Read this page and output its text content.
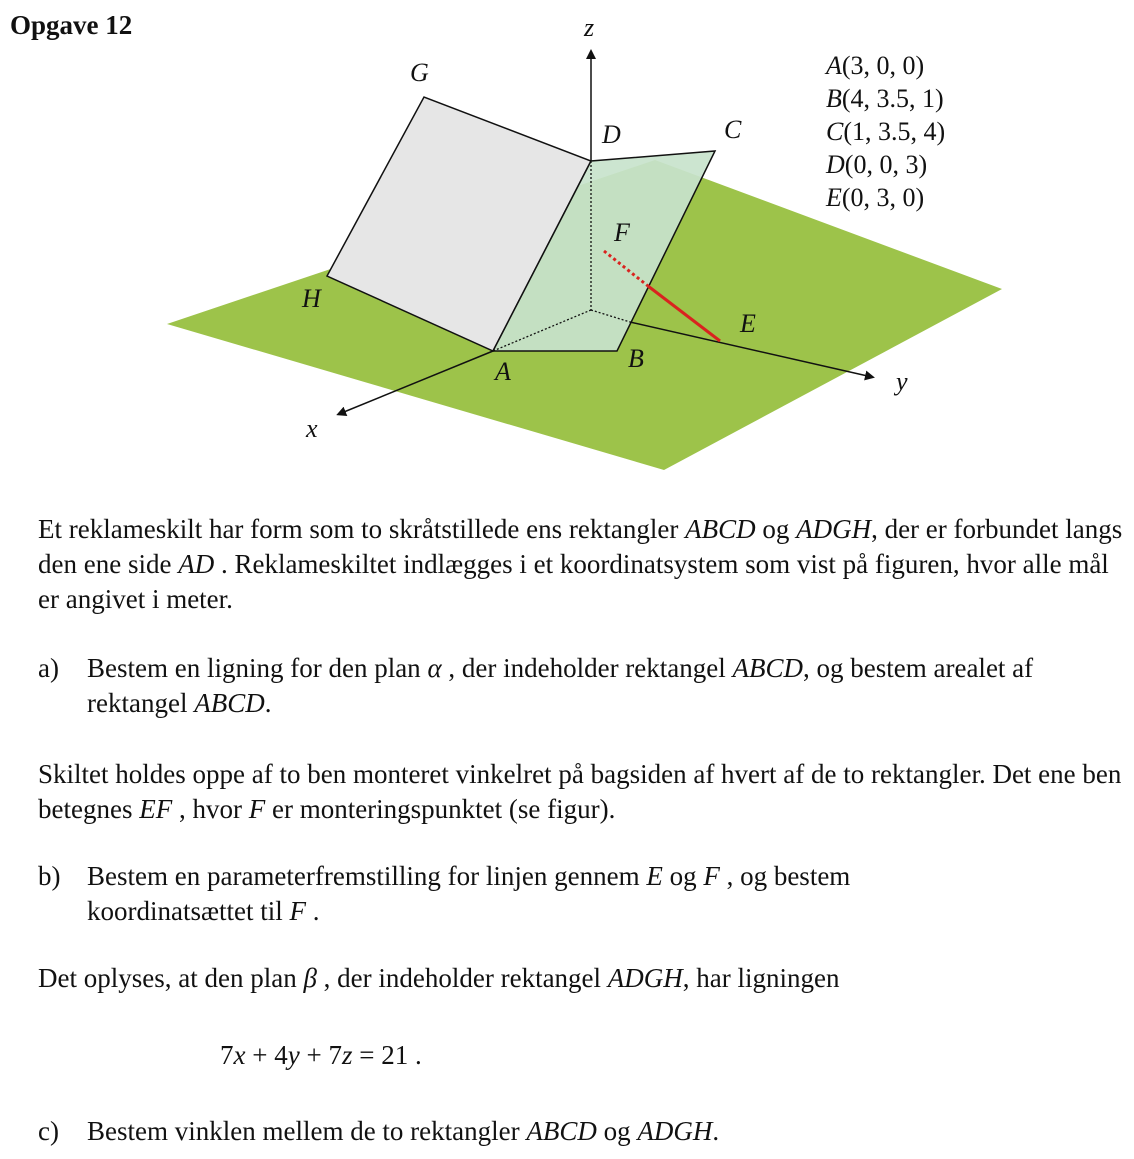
Opgave 12	z
x
y
G
D	C
F
H
E
A	B
A(3, 0, 0)
B(4, 3.5, 1)
C(1, 3.5, 4)
D(0, 0, 3)
E(0, 3, 0)

Et reklameskilt har form som to skråtstillede ens rektangler ABCD og ADGH, der er forbundet langs den ene side AD . Reklameskiltet indlægges i et koordinatsystem som vist på figuren, hvor alle mål er angivet i meter.

a) Bestem en ligning for den plan α , der indeholder rektangel ABCD, og bestem arealet af rektangel ABCD.

Skiltet holdes oppe af to ben monteret vinkelret på bagsiden af hvert af de to rektangler. Det ene ben betegnes EF , hvor F er monteringspunktet (se figur).

b) Bestem en parameterfremstilling for linjen gennem E og F , og bestem koordinatsættet til F .

Det oplyses, at den plan β , der indeholder rektangel ADGH, har ligningen

7x + 4y + 7z = 21 .

c) Bestem vinklen mellem de to rektangler ABCD og ADGH.
